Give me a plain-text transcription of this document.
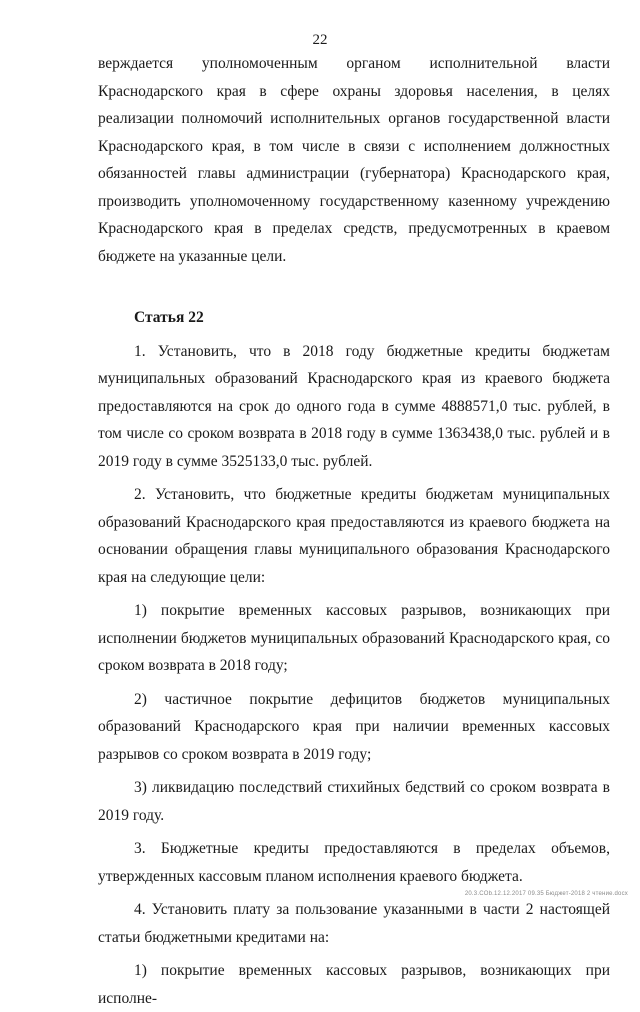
22

верждается уполномоченным органом исполнительной власти Краснодарского края в сфере охраны здоровья населения, в целях реализации полномочий исполнительных органов государственной власти Краснодарского края, в том числе в связи с исполнением должностных обязанностей главы администрации (губернатора) Краснодарского края, производить уполномоченному государственному казенному учреждению Краснодарского края в пределах средств, предусмотренных в краевом бюджете на указанные цели.

Статья 22

1. Установить, что в 2018 году бюджетные кредиты бюджетам муниципальных образований Краснодарского края из краевого бюджета предоставляются на срок до одного года в сумме 4888571,0 тыс. рублей, в том числе со сроком возврата в 2018 году в сумме 1363438,0 тыс. рублей и в 2019 году в сумме 3525133,0 тыс. рублей.

2. Установить, что бюджетные кредиты бюджетам муниципальных образований Краснодарского края предоставляются из краевого бюджета на основании обращения главы муниципального образования Краснодарского края на следующие цели:

1) покрытие временных кассовых разрывов, возникающих при исполнении бюджетов муниципальных образований Краснодарского края, со сроком возврата в 2018 году;

2) частичное покрытие дефицитов бюджетов муниципальных образований Краснодарского края при наличии временных кассовых разрывов со сроком возврата в 2019 году;

3) ликвидацию последствий стихийных бедствий со сроком возврата в 2019 году.

3. Бюджетные кредиты предоставляются в пределах объемов, утвержденных кассовым планом исполнения краевого бюджета.

4. Установить плату за пользование указанными в части 2 настоящей статьи бюджетными кредитами на:

1) покрытие временных кассовых разрывов, возникающих при исполне-

20.3.COb.12.12.2017 09.35 Бюджет-2018 2 чтение.docx
